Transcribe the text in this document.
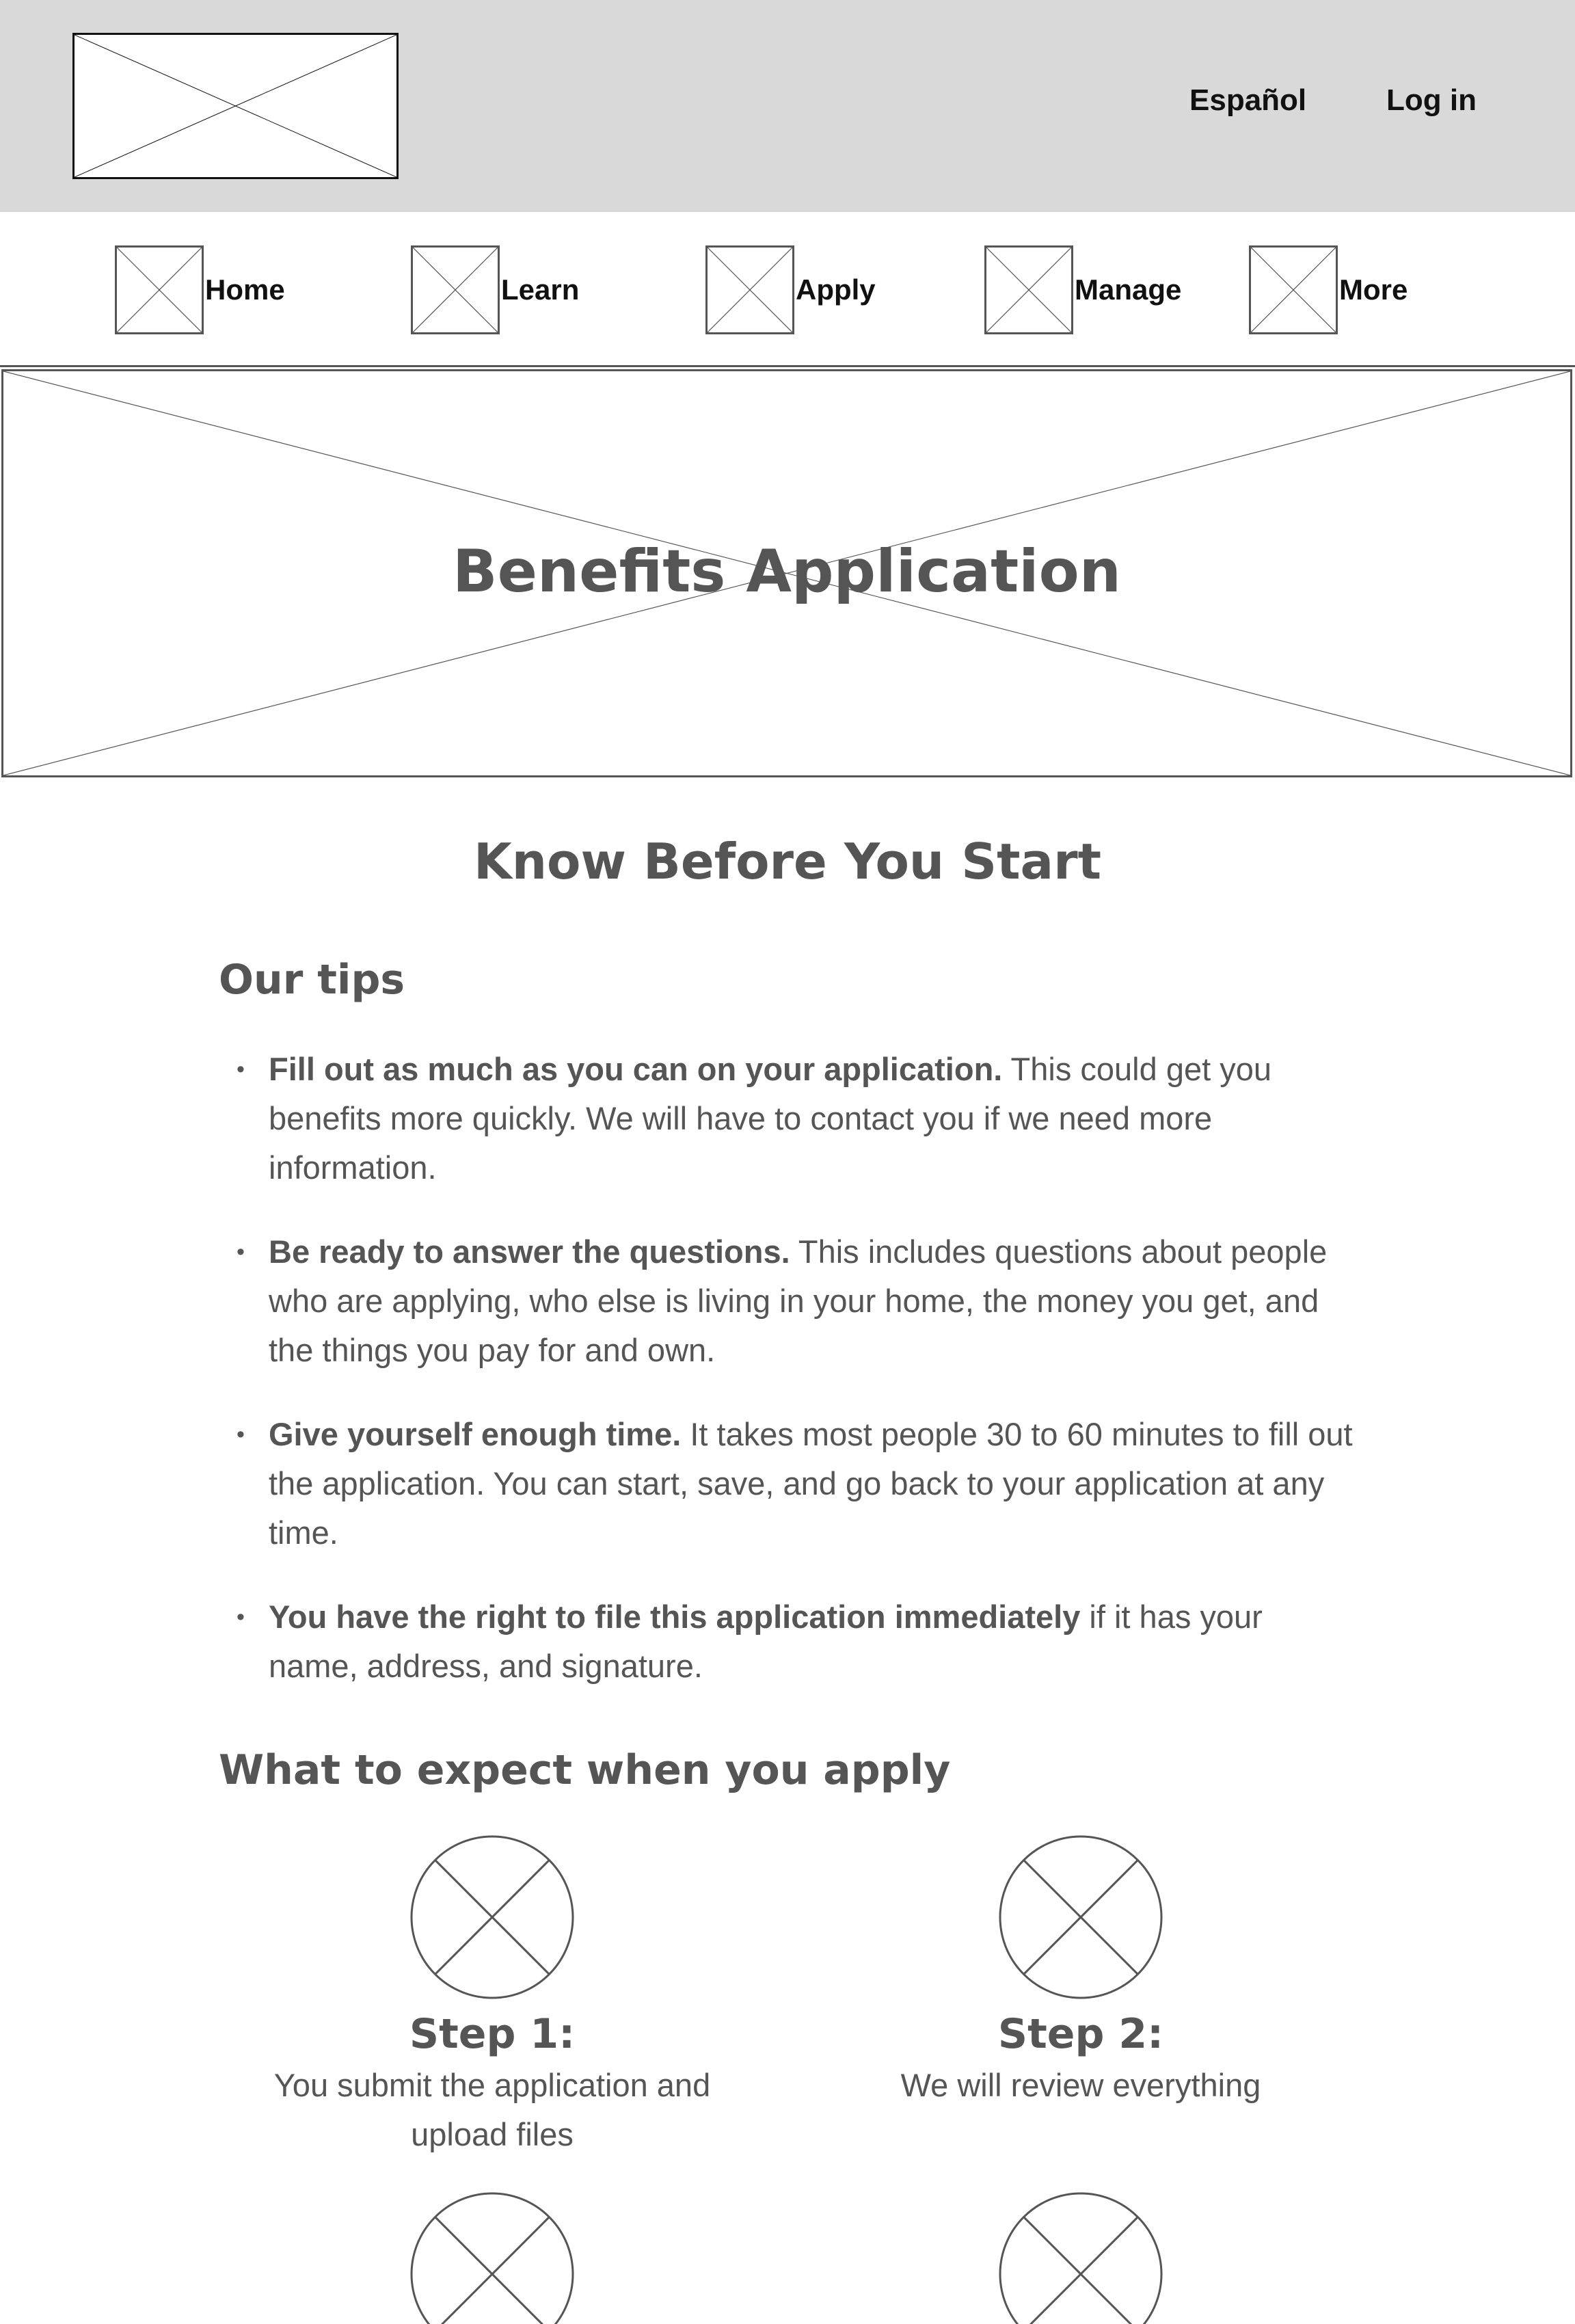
Español	Log in
Home	Learn	Apply	Manage	More
Benefits Application
Know Before You Start
Our tips
• Fill out as much as you can on your application. This could get you benefits more quickly. We will have to contact you if we need more information.
• Be ready to answer the questions. This includes questions about people who are applying, who else is living in your home, the money you get, and the things you pay for and own.
• Give yourself enough time. It takes most people 30 to 60 minutes to fill out the application. You can start, save, and go back to your application at any time.
• You have the right to file this application immediately if it has your name, address, and signature.
What to expect when you apply

Step 1:

You submit the application and upload files

Step 2:

We will review everything
